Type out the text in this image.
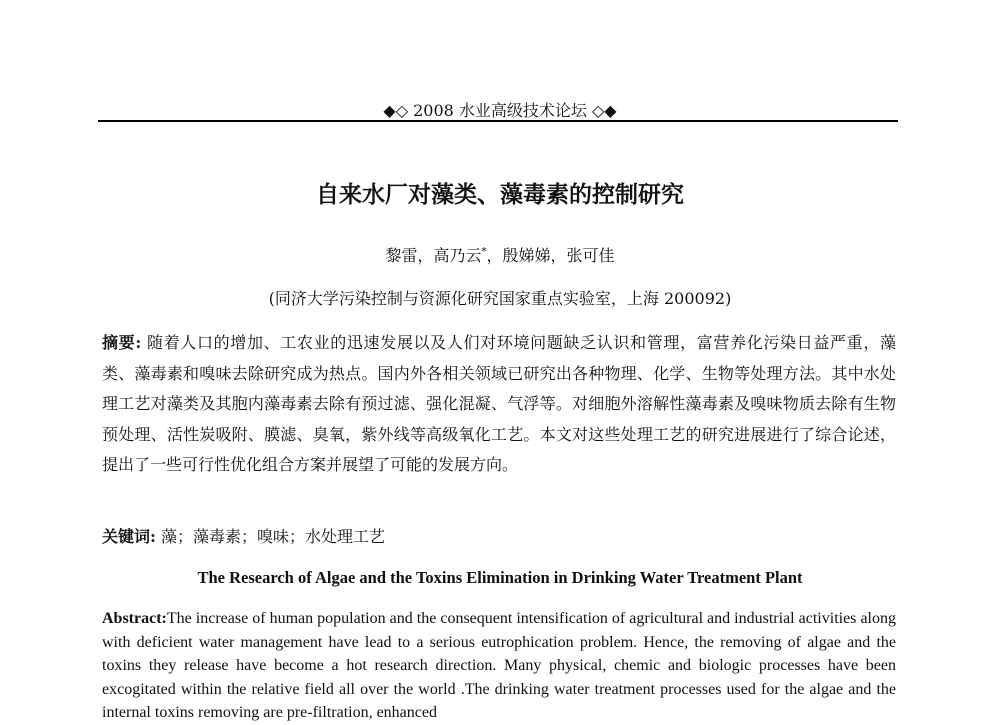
◆◇ 2008 水业高级技术论坛 ◇◆
自来水厂对藻类、藻毒素的控制研究
黎雷，高乃云*，殷娣娣，张可佳
(同济大学污染控制与资源化研究国家重点实验室，上海 200092)

摘要: 随着人口的增加、工农业的迅速发展以及人们对环境问题缺乏认识和管理，富营养化污染日益严重，藻类、藻毒素和嗅味去除研究成为热点。国内外各相关领域已研究出各种物理、化学、生物等处理方法。其中水处理工艺对藻类及其胞内藻毒素去除有预过滤、强化混凝、气浮等。对细胞外溶解性藻毒素及嗅味物质去除有生物预处理、活性炭吸附、膜滤、臭氧，紫外线等高级氧化工艺。本文对这些处理工艺的研究进展进行了综合论述，提出了一些可行性优化组合方案并展望了可能的发展方向。

关键词: 藻；藻毒素；嗅味；水处理工艺
The Research of Algae and the Toxins Elimination in Drinking Water Treatment Plant

Abstract:The increase of human population and the consequent intensification of agricultural and industrial activities along with deficient water management have lead to a serious eutrophication problem. Hence, the removing of algae and the toxins they release have become a hot research direction. Many physical, chemic and biologic processes have been excogitated within the relative field all over the world .The drinking water treatment processes used for the algae and the internal toxins removing are pre-filtration, enhanced
